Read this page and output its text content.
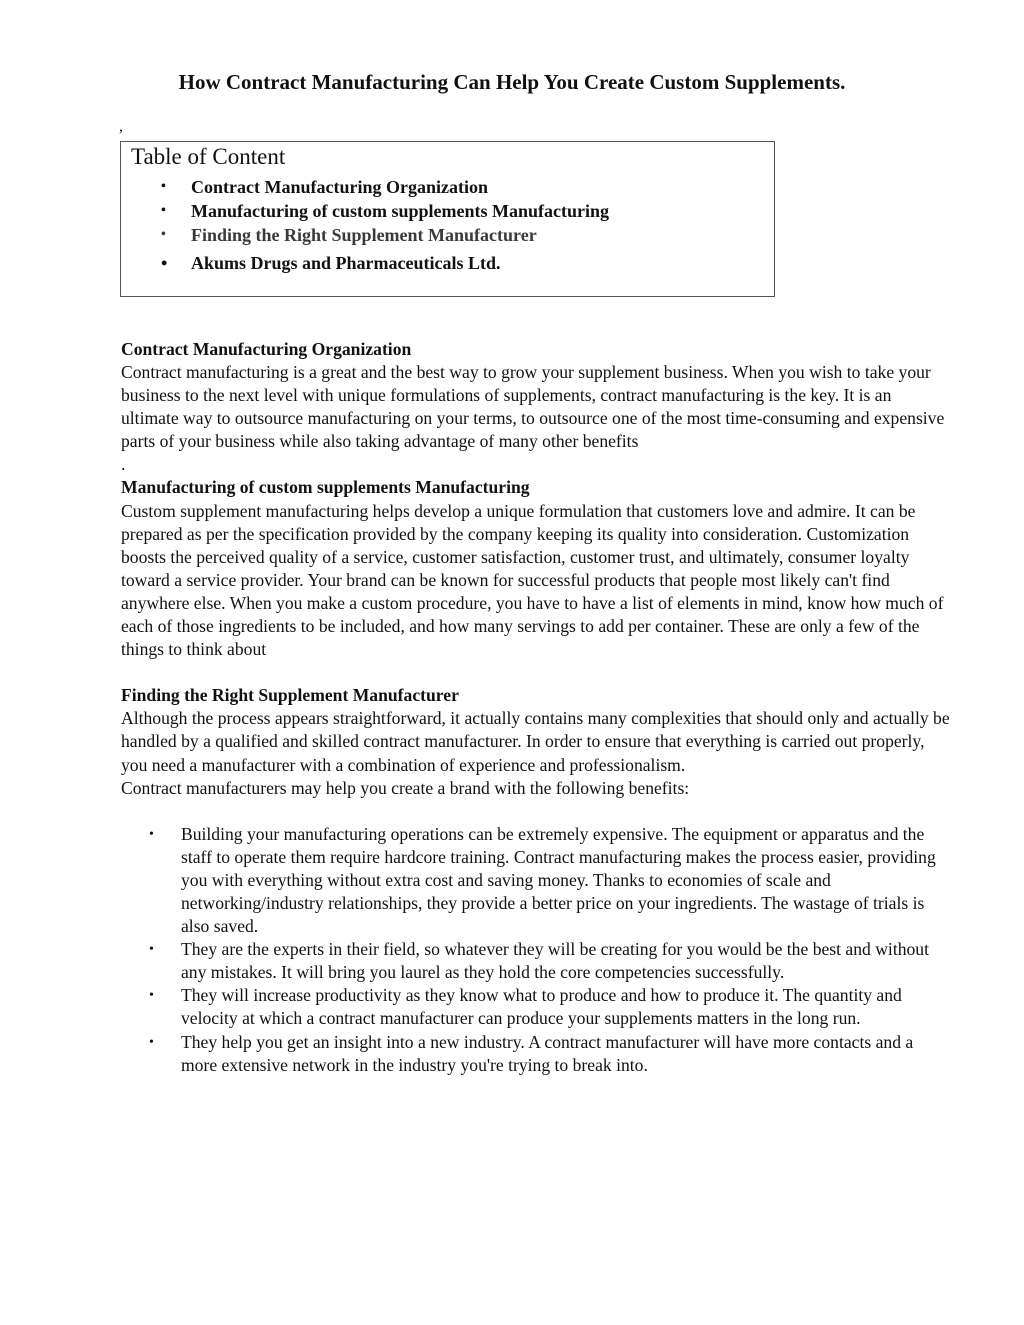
How Contract Manufacturing Can Help You Create Custom Supplements.
,
Table of Content
• Contract Manufacturing Organization
• Manufacturing of custom supplements Manufacturing
• Finding the Right Supplement Manufacturer
• Akums Drugs and Pharmaceuticals Ltd.
Contract Manufacturing Organization

Contract manufacturing is a great and the best way to grow your supplement business. When you wish to take your business to the next level with unique formulations of supplements, contract manufacturing is the key. It is an ultimate way to outsource manufacturing on your terms, to outsource one of the most time-consuming and expensive parts of your business while also taking advantage of many other benefits

.

Manufacturing of custom supplements Manufacturing

Custom supplement manufacturing helps develop a unique formulation that customers love and admire. It can be prepared as per the specification provided by the company keeping its quality into consideration. Customization boosts the perceived quality of a service, customer satisfaction, customer trust, and ultimately, consumer loyalty toward a service provider. Your brand can be known for successful products that people most likely can't find anywhere else. When you make a custom procedure, you have to have a list of elements in mind, know how much of each of those ingredients to be included, and how many servings to add per container. These are only a few of the things to think about

Finding the Right Supplement Manufacturer

Although the process appears straightforward, it actually contains many complexities that should only and actually be handled by a qualified and skilled contract manufacturer. In order to ensure that everything is carried out properly, you need a manufacturer with a combination of experience and professionalism.

Contract manufacturers may help you create a brand with the following benefits:

• Building your manufacturing operations can be extremely expensive. The equipment or apparatus and the staff to operate them require hardcore training. Contract manufacturing makes the process easier, providing you with everything without extra cost and saving money. Thanks to economies of scale and networking/industry relationships, they provide a better price on your ingredients. The wastage of trials is also saved.
• They are the experts in their field, so whatever they will be creating for you would be the best and without any mistakes. It will bring you laurel as they hold the core competencies successfully.
• They will increase productivity as they know what to produce and how to produce it. The quantity and velocity at which a contract manufacturer can produce your supplements matters in the long run.
• They help you get an insight into a new industry. A contract manufacturer will have more contacts and a more extensive network in the industry you're trying to break into.
